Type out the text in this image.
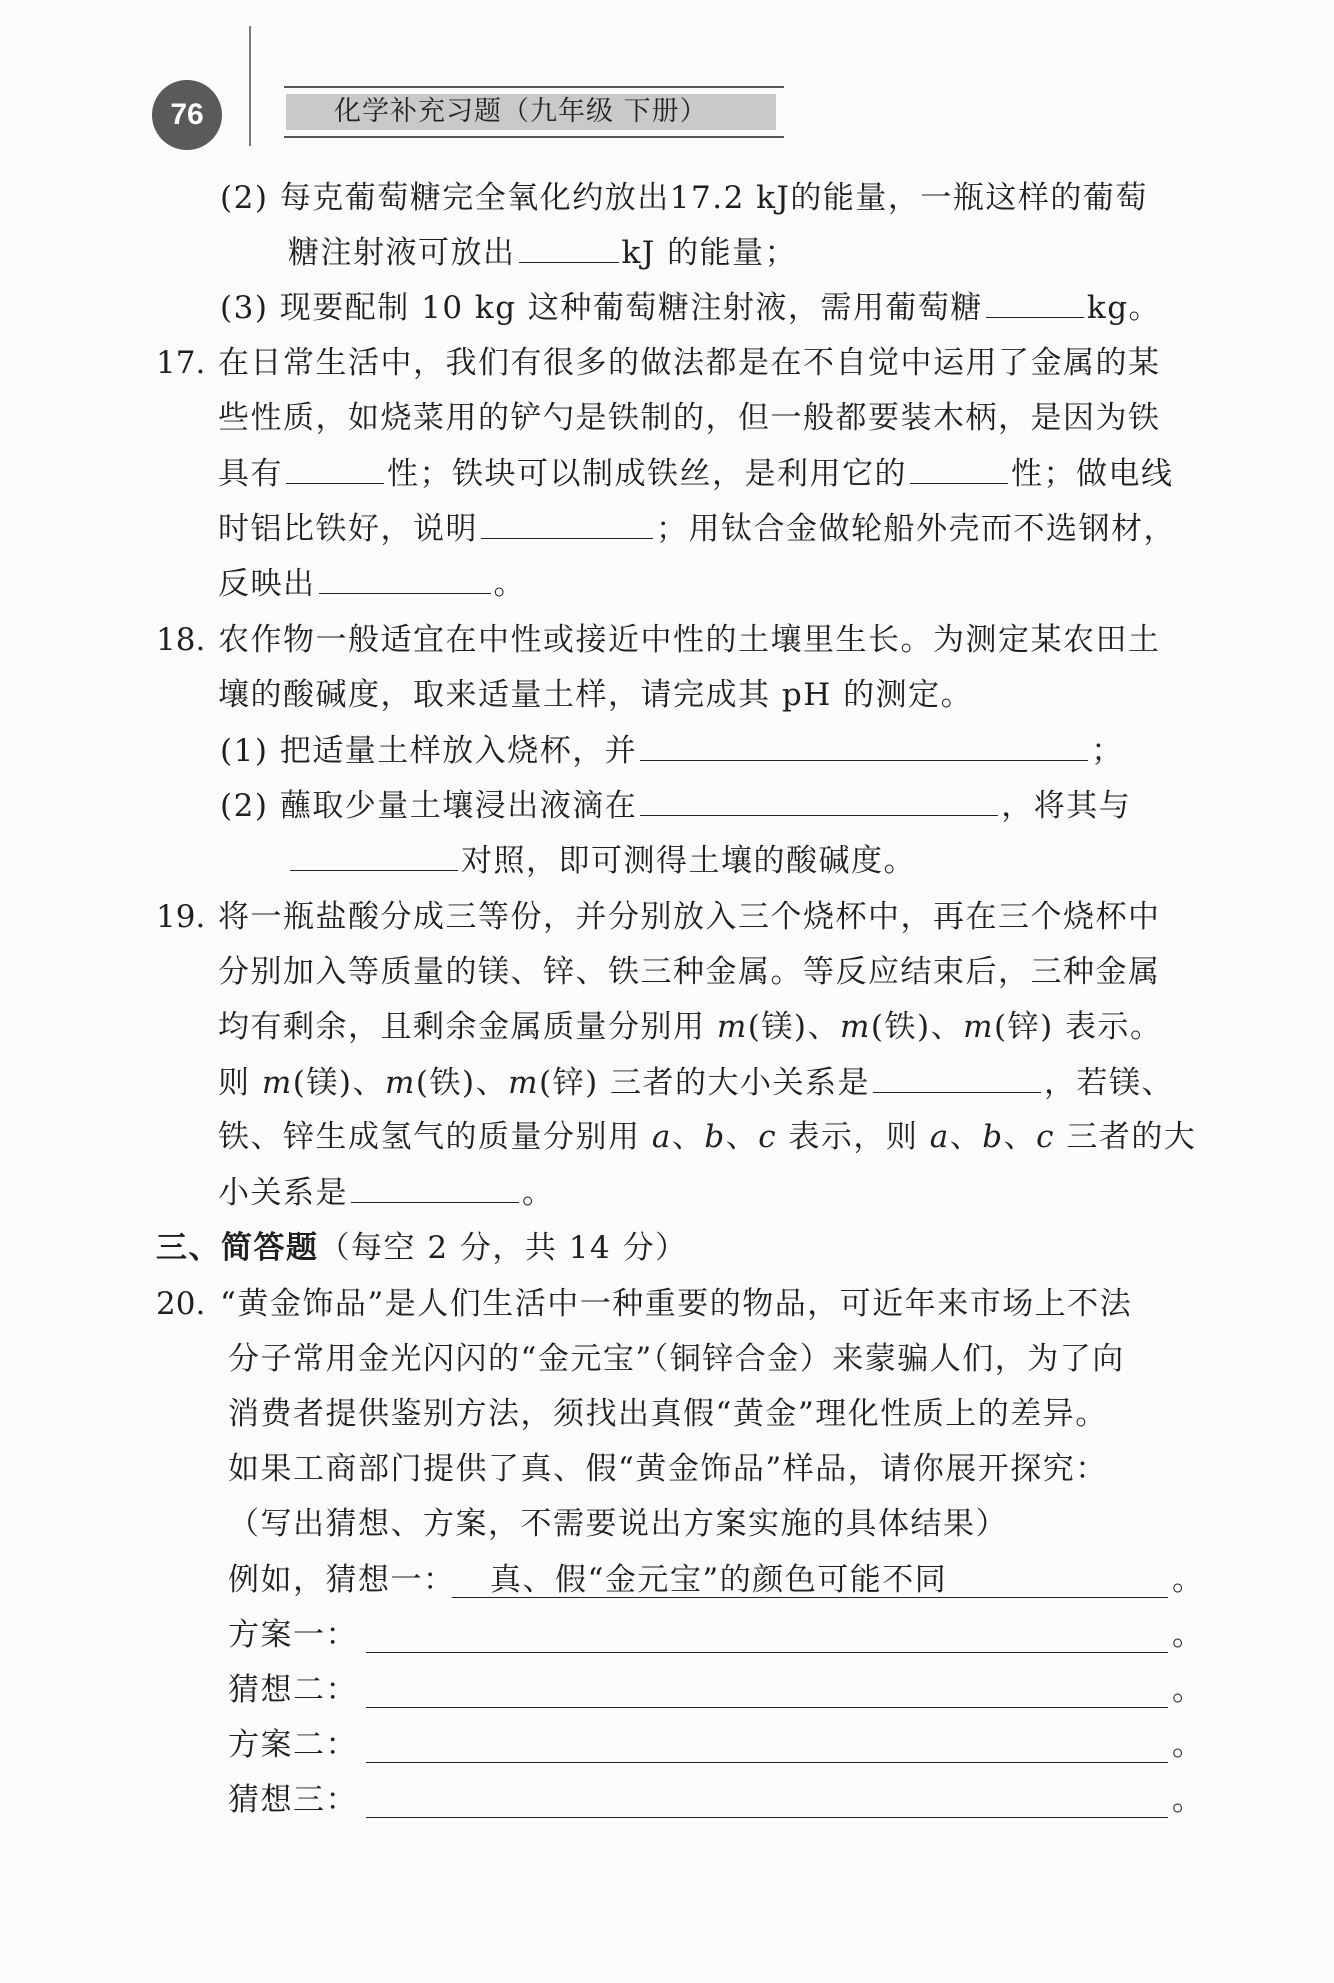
76	化学补充习题（九年级 下册）
(2) 每克葡萄糖完全氧化约放出17.2 kJ的能量，一瓶这样的葡萄
糖注射液可放出	kJ 的能量；
(3) 现要配制 10 kg 这种葡萄糖注射液，需用葡萄糖	kg。
17. 在日常生活中，我们有很多的做法都是在不自觉中运用了金属的某
些性质，如烧菜用的铲勺是铁制的，但一般都要装木柄，是因为铁
具有	性；铁块可以制成铁丝，是利用它的	性；做电线
时铝比铁好，说明	；用钛合金做轮船外壳而不选钢材，
反映出	。
18. 农作物一般适宜在中性或接近中性的土壤里生长。为测定某农田土
壤的酸碱度，取来适量土样，请完成其 pH 的测定。
(1) 把适量土样放入烧杯，并	；
(2) 蘸取少量土壤浸出液滴在	，将其与
对照，即可测得土壤的酸碱度。
19. 将一瓶盐酸分成三等份，并分别放入三个烧杯中，再在三个烧杯中
分别加入等质量的镁、锌、铁三种金属。等反应结束后，三种金属
均有剩余，且剩余金属质量分别用 m(镁)、m(铁)、m(锌) 表示。
则 m(镁)、m(铁)、m(锌) 三者的大小关系是	，若镁、
铁、锌生成氢气的质量分别用 a、b、c 表示，则 a、b、c 三者的大
小关系是	。
三、简答题（每空 2 分，共 14 分）
20. “黄金饰品”是人们生活中一种重要的物品，可近年来市场上不法
分子常用金光闪闪的“金元宝”（铜锌合金）来蒙骗人们，为了向
消费者提供鉴别方法，须找出真假“黄金”理化性质上的差异。
如果工商部门提供了真、假“黄金饰品”样品，请你展开探究：
（写出猜想、方案，不需要说出方案实施的具体结果）
例如，猜想一： 真、假“金元宝”的颜色可能不同	。
方案一：	。
猜想二：	。
方案二：	。
猜想三：	。
